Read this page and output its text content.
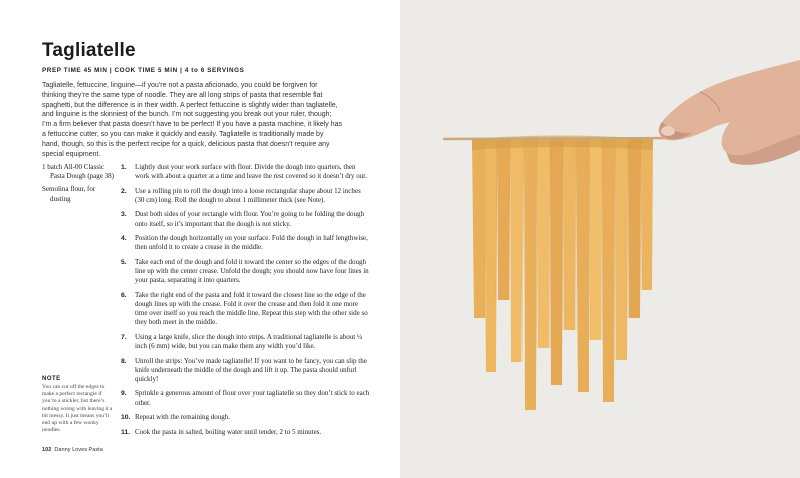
Tagliatelle
PREP TIME 45 MIN | COOK TIME 5 MIN | 4 to 6 SERVINGS

Tagliatelle, fettuccine, linguine—if you’re not a pasta aficionado, you could be forgiven for thinking they’re the same type of noodle. They are all long strips of pasta that resemble flat spaghetti, but the difference is in their width. A perfect fettuccine is slightly wider than tagliatelle, and linguine is the skinniest of the bunch. I’m not suggesting you break out your ruler, though; I’m a firm believer that pasta doesn’t have to be perfect! If you have a pasta machine, it likely has a fettuccine cutter, so you can make it quickly and easily. Tagliatelle is traditionally made by hand, though, so this is the perfect recipe for a quick, delicious pasta that doesn’t require any special equipment.

1 batch All-00 Classic Pasta Dough (page 38)
Semolina flour, for dusting
1. Lightly dust your work surface with flour. Divide the dough into quarters, then work with about a quarter at a time and leave the rest covered so it doesn’t dry out.
2. Use a rolling pin to roll the dough into a loose rectangular shape about 12 inches (30 cm) long. Roll the dough to about 1 millimeter thick (see Note).
3. Dust both sides of your rectangle with flour. You’re going to be folding the dough onto itself, so it’s important that the dough is not sticky.
4. Position the dough horizontally on your surface. Fold the dough in half lengthwise, then unfold it to create a crease in the middle.
5. Take each end of the dough and fold it toward the center so the edges of the dough line up with the center crease. Unfold the dough; you should now have four lines in your pasta, separating it into quarters.
6. Take the right end of the pasta and fold it toward the closest line so the edge of the dough lines up with the crease. Fold it over the crease and then fold it one more time over itself so you reach the middle line. Repeat this step with the other side so they both meet in the middle.
7. Using a large knife, slice the dough into strips. A traditional tagliatelle is about ¼ inch (6 mm) wide, but you can make them any width you’d like.
8. Unroll the strips: You’ve made tagliatelle! If you want to be fancy, you can slip the knife underneath the middle of the dough and lift it up. The pasta should unfurl quickly!
9. Sprinkle a generous amount of flour over your tagliatelle so they don’t stick to each other.
10. Repeat with the remaining dough.
11. Cook the pasta in salted, boiling water until tender, 2 to 5 minutes.
NOTE
You can cut off the edges to make a perfect rectangle if you’re a stickler, but there’s nothing wrong with leaving it a bit messy. It just means you’ll end up with a few wonky noodles.
102 Danny Loves Pasta
